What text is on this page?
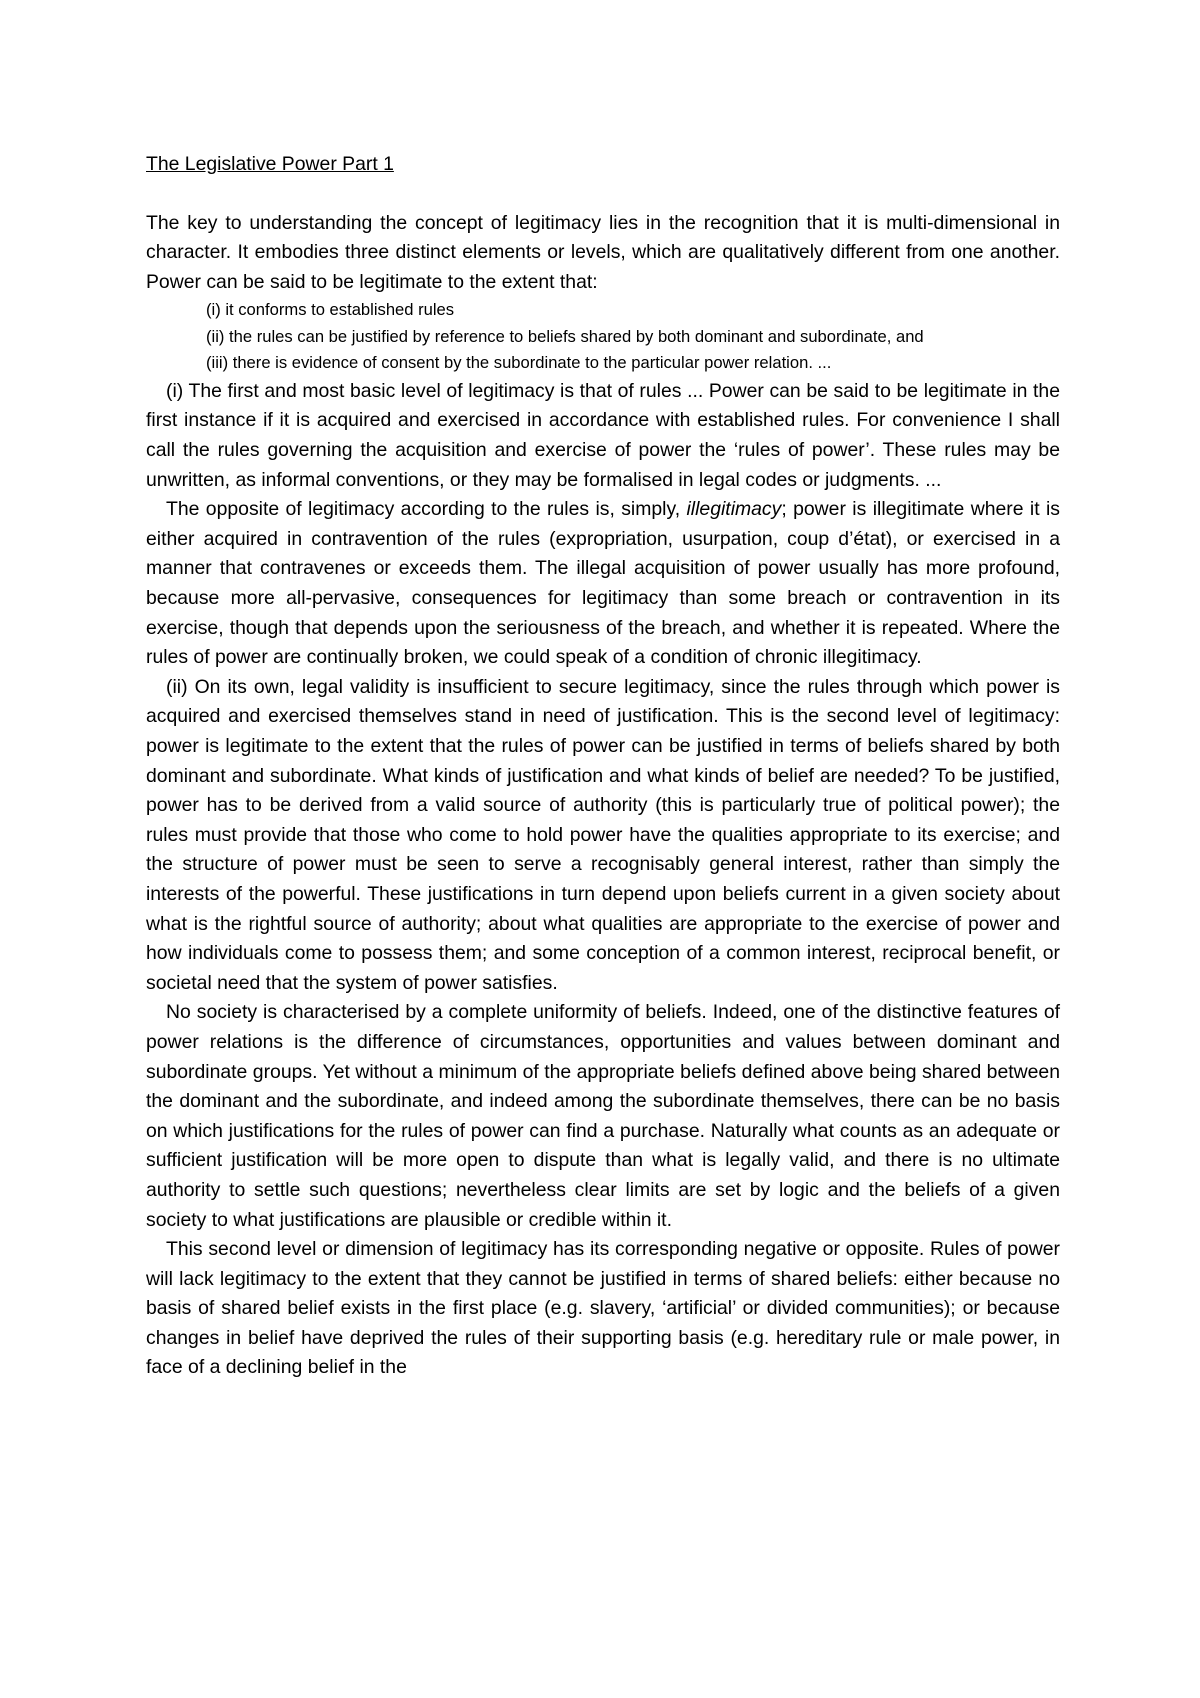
The Legislative Power Part 1

The key to understanding the concept of legitimacy lies in the recognition that it is multi-dimensional in character. It embodies three distinct elements or levels, which are qualitatively different from one another. Power can be said to be legitimate to the extent that:

(i) it conforms to established rules
(ii) the rules can be justified by reference to beliefs shared by both dominant and subordinate, and
(iii) there is evidence of consent by the subordinate to the particular power relation. ...

(i) The first and most basic level of legitimacy is that of rules ... Power can be said to be legitimate in the first instance if it is acquired and exercised in accordance with established rules. For convenience I shall call the rules governing the acquisition and exercise of power the ‘rules of power’. These rules may be unwritten, as informal conventions, or they may be formalised in legal codes or judgments. ...

The opposite of legitimacy according to the rules is, simply, illegitimacy; power is illegitimate where it is either acquired in contravention of the rules (expropriation, usurpation, coup d’état), or exercised in a manner that contravenes or exceeds them. The illegal acquisition of power usually has more profound, because more all-pervasive, consequences for legitimacy than some breach or contravention in its exercise, though that depends upon the seriousness of the breach, and whether it is repeated. Where the rules of power are continually broken, we could speak of a condition of chronic illegitimacy.

(ii) On its own, legal validity is insufficient to secure legitimacy, since the rules through which power is acquired and exercised themselves stand in need of justification. This is the second level of legitimacy: power is legitimate to the extent that the rules of power can be justified in terms of beliefs shared by both dominant and subordinate. What kinds of justification and what kinds of belief are needed? To be justified, power has to be derived from a valid source of authority (this is particularly true of political power); the rules must provide that those who come to hold power have the qualities appropriate to its exercise; and the structure of power must be seen to serve a recognisably general interest, rather than simply the interests of the powerful. These justifications in turn depend upon beliefs current in a given society about what is the rightful source of authority; about what qualities are appropriate to the exercise of power and how individuals come to possess them; and some conception of a common interest, reciprocal benefit, or societal need that the system of power satisfies.

No society is characterised by a complete uniformity of beliefs. Indeed, one of the distinctive features of power relations is the difference of circumstances, opportunities and values between dominant and subordinate groups. Yet without a minimum of the appropriate beliefs defined above being shared between the dominant and the subordinate, and indeed among the subordinate themselves, there can be no basis on which justifications for the rules of power can find a purchase. Naturally what counts as an adequate or sufficient justification will be more open to dispute than what is legally valid, and there is no ultimate authority to settle such questions; nevertheless clear limits are set by logic and the beliefs of a given society to what justifications are plausible or credible within it.

This second level or dimension of legitimacy has its corresponding negative or opposite. Rules of power will lack legitimacy to the extent that they cannot be justified in terms of shared beliefs: either because no basis of shared belief exists in the first place (e.g. slavery, ‘artificial’ or divided communities); or because changes in belief have deprived the rules of their supporting basis (e.g. hereditary rule or male power, in face of a declining belief in the
